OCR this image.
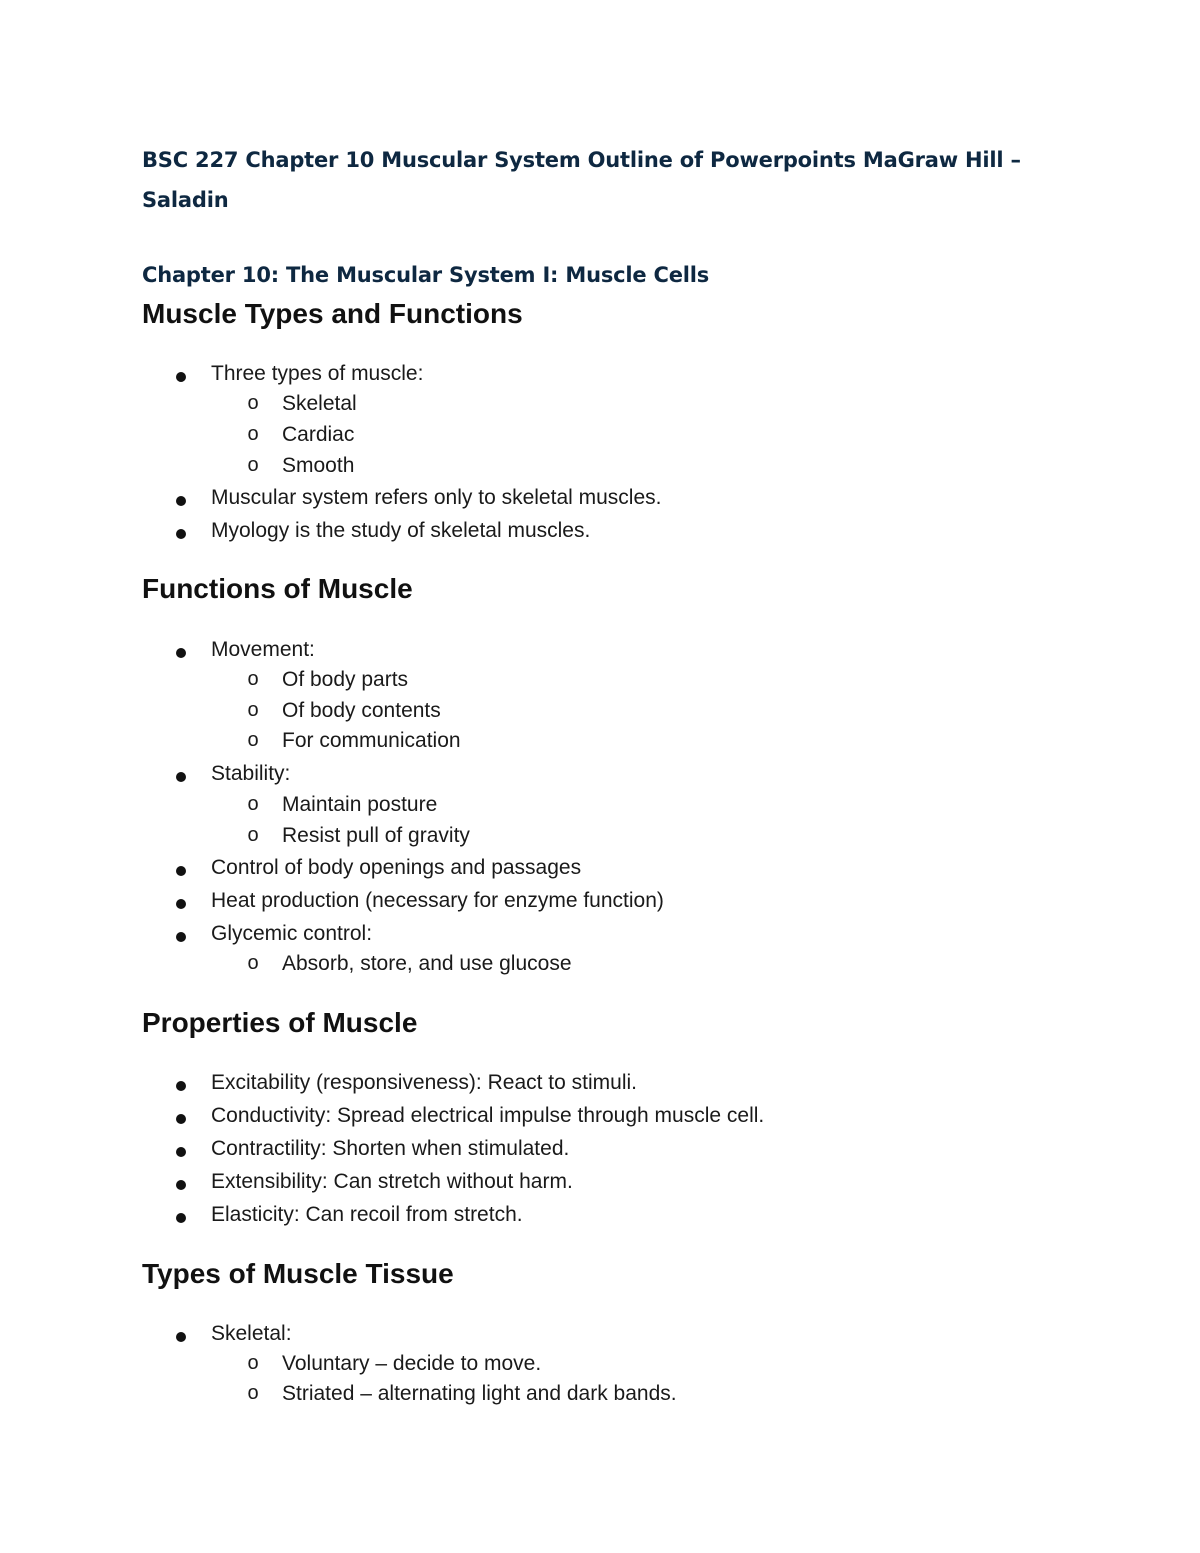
BSC 227 Chapter 10 Muscular System Outline of Powerpoints MaGraw Hill – Saladin
Chapter 10: The Muscular System I: Muscle Cells
Muscle Types and Functions
Three types of muscle:
o Skeletal
o Cardiac
o Smooth
Muscular system refers only to skeletal muscles.
Myology is the study of skeletal muscles.
Functions of Muscle
Movement:
o Of body parts
o Of body contents
o For communication
Stability:
o Maintain posture
o Resist pull of gravity
Control of body openings and passages
Heat production (necessary for enzyme function)
Glycemic control:
o Absorb, store, and use glucose
Properties of Muscle
Excitability (responsiveness): React to stimuli.
Conductivity: Spread electrical impulse through muscle cell.
Contractility: Shorten when stimulated.
Extensibility: Can stretch without harm.
Elasticity: Can recoil from stretch.
Types of Muscle Tissue
Skeletal:
o Voluntary – decide to move.
o Striated – alternating light and dark bands.
